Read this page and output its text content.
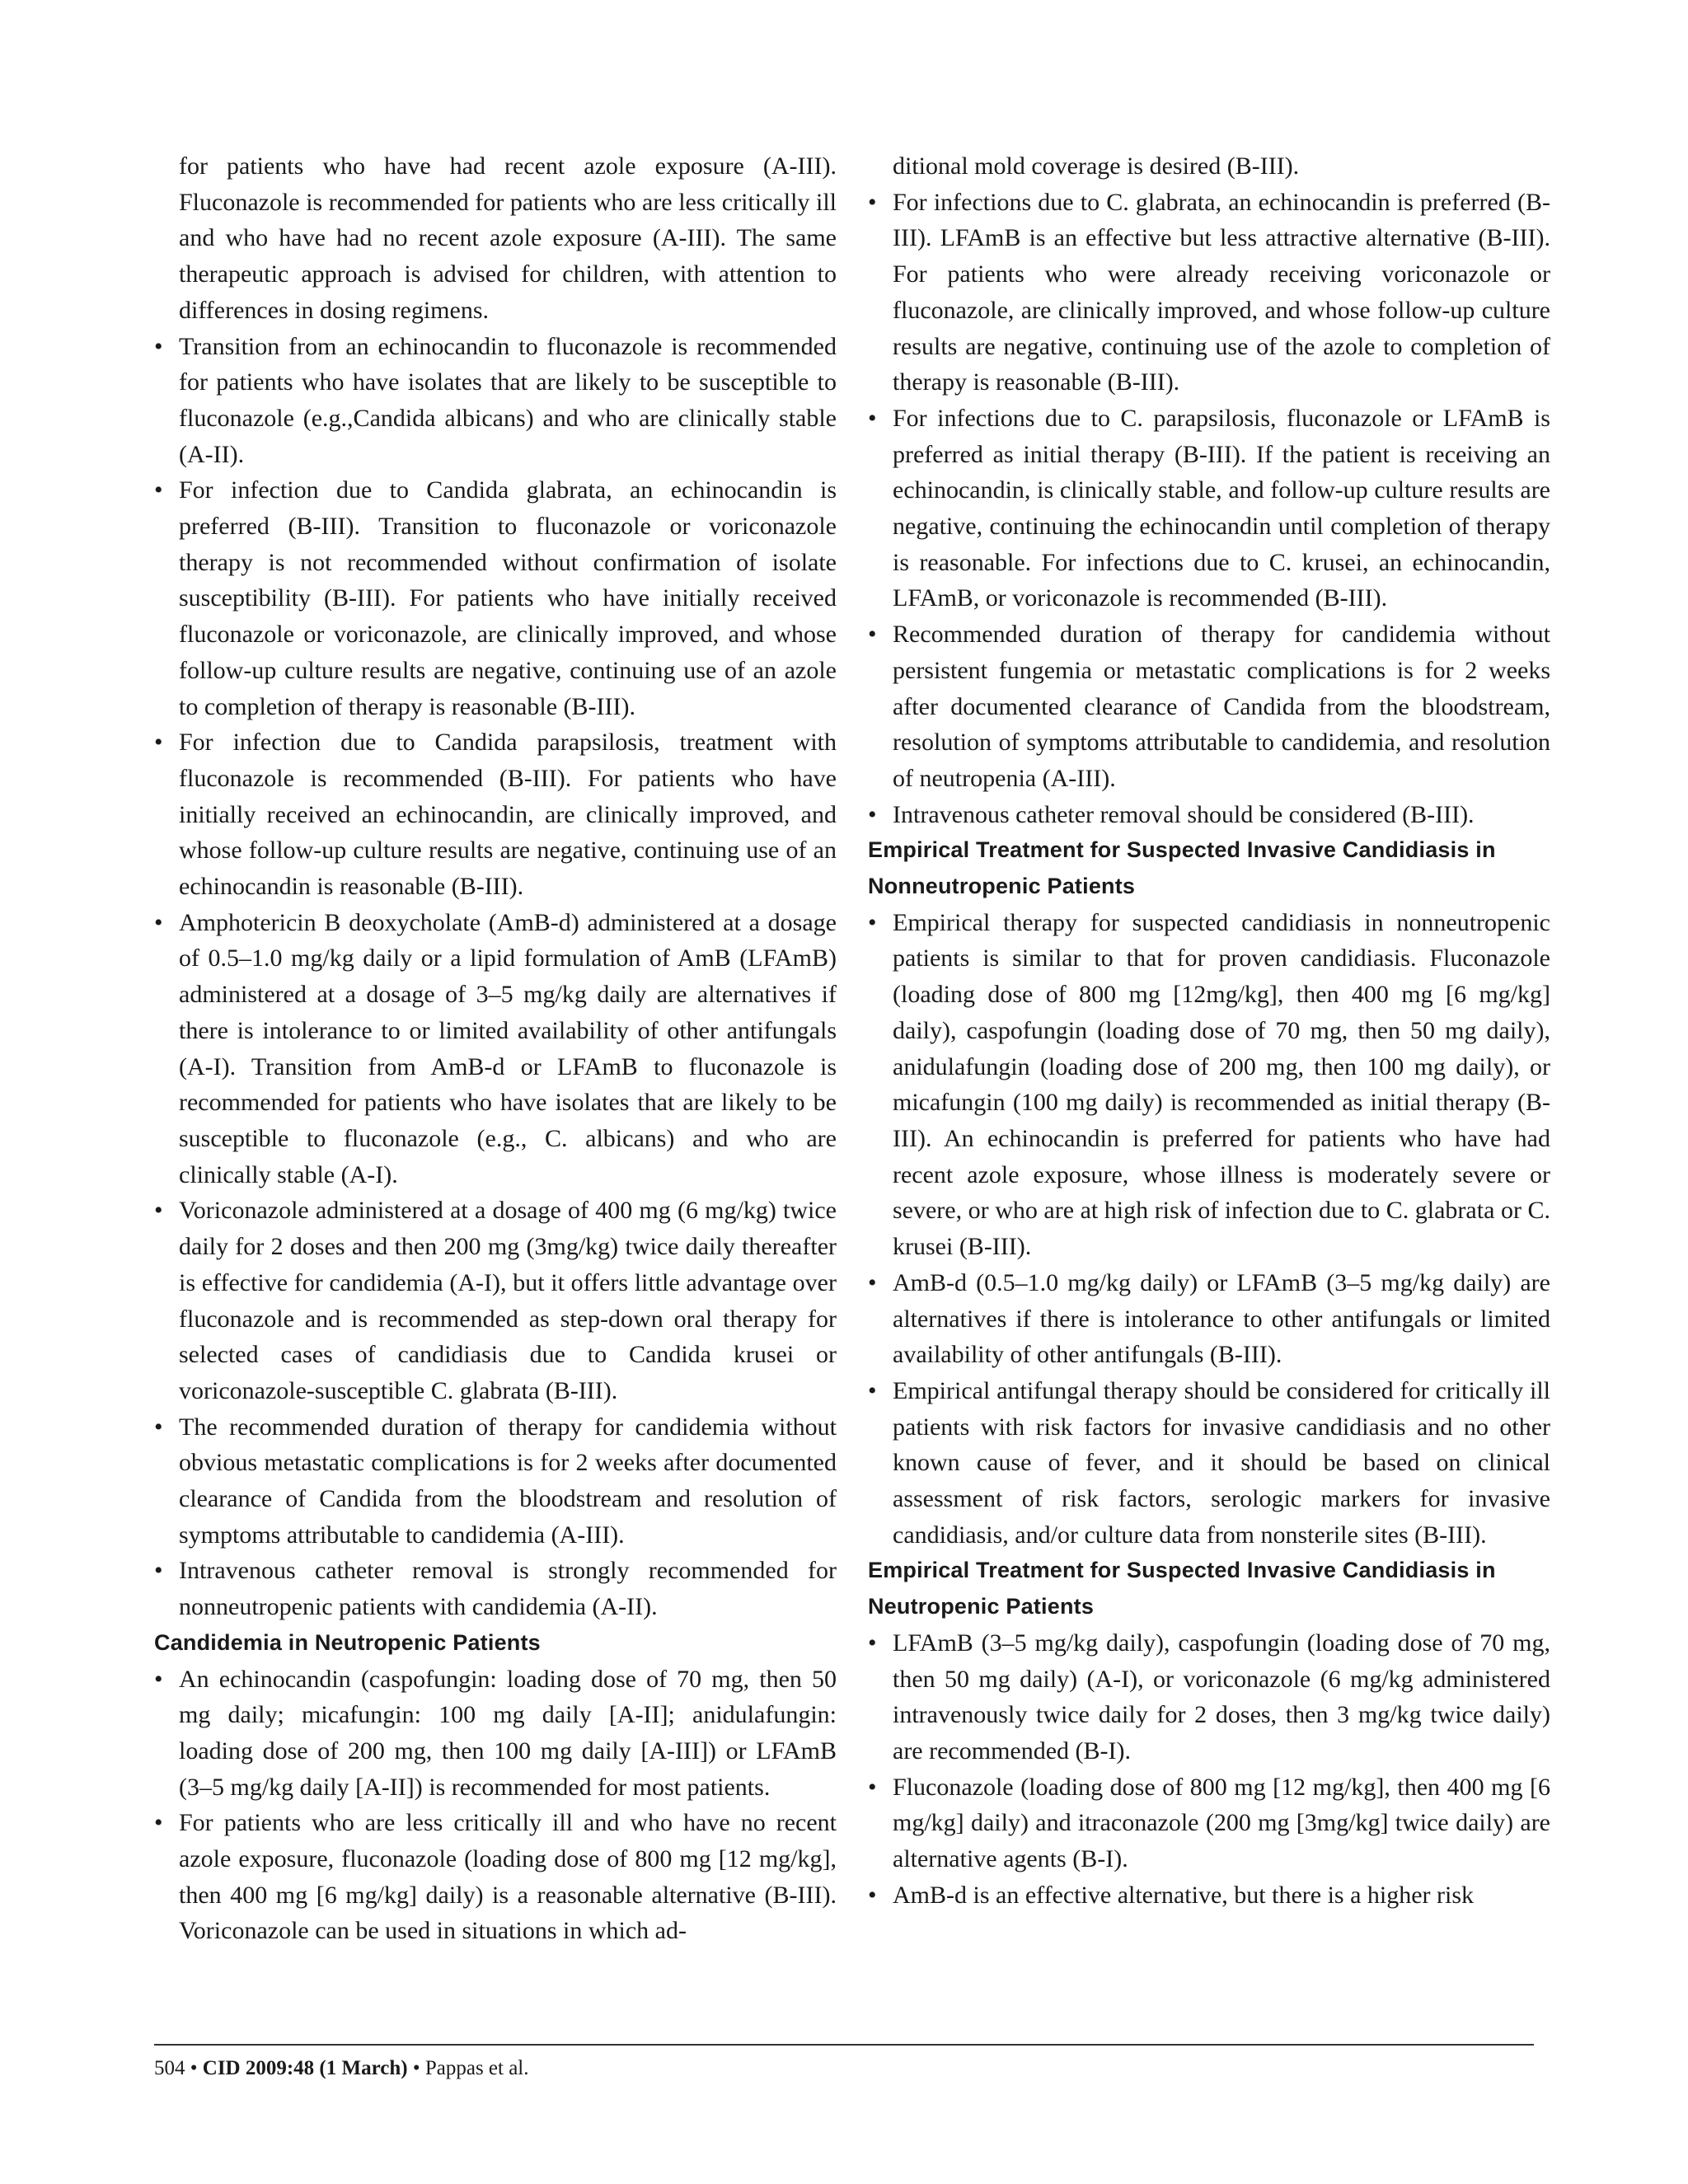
for patients who have had recent azole exposure (A-III). Fluconazole is recommended for patients who are less critically ill and who have had no recent azole exposure (A-III). The same therapeutic approach is advised for children, with attention to differences in dosing regimens.

• Transition from an echinocandin to fluconazole is recommended for patients who have isolates that are likely to be susceptible to fluconazole (e.g.,Candida albicans) and who are clinically stable (A-II).
• For infection due to Candida glabrata, an echinocandin is preferred (B-III). Transition to fluconazole or voriconazole therapy is not recommended without confirmation of isolate susceptibility (B-III). For patients who have initially received fluconazole or voriconazole, are clinically improved, and whose follow-up culture results are negative, continuing use of an azole to completion of therapy is reasonable (B-III).
• For infection due to Candida parapsilosis, treatment with fluconazole is recommended (B-III). For patients who have initially received an echinocandin, are clinically improved, and whose follow-up culture results are negative, continuing use of an echinocandin is reasonable (B-III).
• Amphotericin B deoxycholate (AmB-d) administered at a dosage of 0.5–1.0 mg/kg daily or a lipid formulation of AmB (LFAmB) administered at a dosage of 3–5 mg/kg daily are alternatives if there is intolerance to or limited availability of other antifungals (A-I). Transition from AmB-d or LFAmB to fluconazole is recommended for patients who have isolates that are likely to be susceptible to fluconazole (e.g., C. albicans) and who are clinically stable (A-I).
• Voriconazole administered at a dosage of 400 mg (6 mg/kg) twice daily for 2 doses and then 200 mg (3mg/kg) twice daily thereafter is effective for candidemia (A-I), but it offers little advantage over fluconazole and is recommended as step-down oral therapy for selected cases of candidiasis due to Candida krusei or voriconazole-susceptible C. glabrata (B-III).
• The recommended duration of therapy for candidemia without obvious metastatic complications is for 2 weeks after documented clearance of Candida from the bloodstream and resolution of symptoms attributable to candidemia (A-III).
• Intravenous catheter removal is strongly recommended for nonneutropenic patients with candidemia (A-II).
Candidemia in Neutropenic Patients
• An echinocandin (caspofungin: loading dose of 70 mg, then 50 mg daily; micafungin: 100 mg daily [A-II]; anidulafungin: loading dose of 200 mg, then 100 mg daily [A-III]) or LFAmB (3–5 mg/kg daily [A-II]) is recommended for most patients.
• For patients who are less critically ill and who have no recent azole exposure, fluconazole (loading dose of 800 mg [12 mg/kg], then 400 mg [6 mg/kg] daily) is a reasonable alternative (B-III). Voriconazole can be used in situations in which ad-

ditional mold coverage is desired (B-III).

• For infections due to C. glabrata, an echinocandin is preferred (B-III). LFAmB is an effective but less attractive alternative (B-III). For patients who were already receiving voriconazole or fluconazole, are clinically improved, and whose follow-up culture results are negative, continuing use of the azole to completion of therapy is reasonable (B-III).
• For infections due to C. parapsilosis, fluconazole or LFAmB is preferred as initial therapy (B-III). If the patient is receiving an echinocandin, is clinically stable, and follow-up culture results are negative, continuing the echinocandin until completion of therapy is reasonable. For infections due to C. krusei, an echinocandin, LFAmB, or voriconazole is recommended (B-III).
• Recommended duration of therapy for candidemia without persistent fungemia or metastatic complications is for 2 weeks after documented clearance of Candida from the bloodstream, resolution of symptoms attributable to candidemia, and resolution of neutropenia (A-III).
• Intravenous catheter removal should be considered (B-III).
Empirical Treatment for Suspected Invasive Candidiasis in Nonneutropenic Patients
• Empirical therapy for suspected candidiasis in nonneutropenic patients is similar to that for proven candidiasis. Fluconazole (loading dose of 800 mg [12mg/kg], then 400 mg [6 mg/kg] daily), caspofungin (loading dose of 70 mg, then 50 mg daily), anidulafungin (loading dose of 200 mg, then 100 mg daily), or micafungin (100 mg daily) is recommended as initial therapy (B-III). An echinocandin is preferred for patients who have had recent azole exposure, whose illness is moderately severe or severe, or who are at high risk of infection due to C. glabrata or C. krusei (B-III).
• AmB-d (0.5–1.0 mg/kg daily) or LFAmB (3–5 mg/kg daily) are alternatives if there is intolerance to other antifungals or limited availability of other antifungals (B-III).
• Empirical antifungal therapy should be considered for critically ill patients with risk factors for invasive candidiasis and no other known cause of fever, and it should be based on clinical assessment of risk factors, serologic markers for invasive candidiasis, and/or culture data from nonsterile sites (B-III).
Empirical Treatment for Suspected Invasive Candidiasis in Neutropenic Patients
• LFAmB (3–5 mg/kg daily), caspofungin (loading dose of 70 mg, then 50 mg daily) (A-I), or voriconazole (6 mg/kg administered intravenously twice daily for 2 doses, then 3 mg/kg twice daily) are recommended (B-I).
• Fluconazole (loading dose of 800 mg [12 mg/kg], then 400 mg [6 mg/kg] daily) and itraconazole (200 mg [3mg/kg] twice daily) are alternative agents (B-I).
• AmB-d is an effective alternative, but there is a higher risk
504 • CID 2009:48 (1 March) • Pappas et al.
